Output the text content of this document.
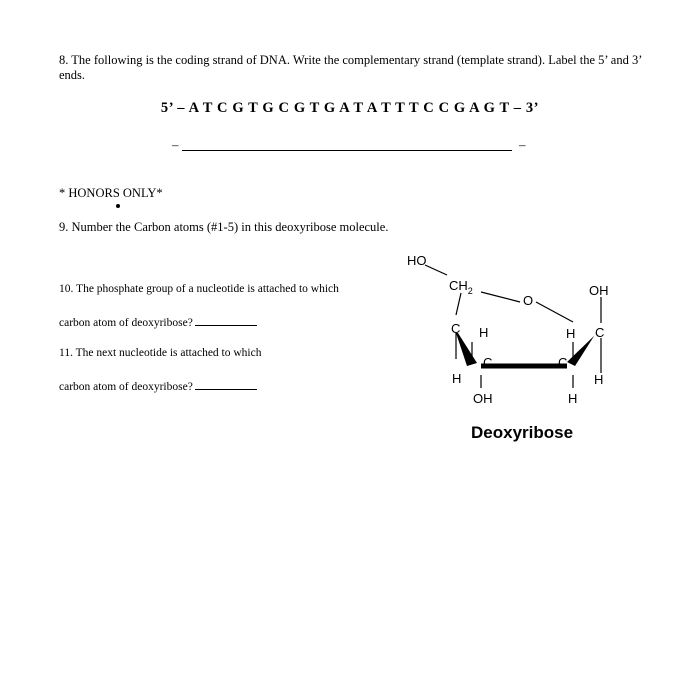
8. The following is the coding strand of DNA. Write the complementary strand (template strand). Label the 5’ and 3’ ends.
5’ – A T C G T G C G T G A T A T T T C C G A G T – 3’
–	–
* HONORS ONLY*
9. Number the Carbon atoms (#1-5) in this deoxyribose molecule.
10. The phosphate group of a nucleotide is attached to which
carbon atom of deoxyribose?
11. The next nucleotide is attached to which
carbon atom of deoxyribose?
HO
$CH_2$
O
OH
C H
C
H
C
H C
H
OH	H
Deoxyribose
